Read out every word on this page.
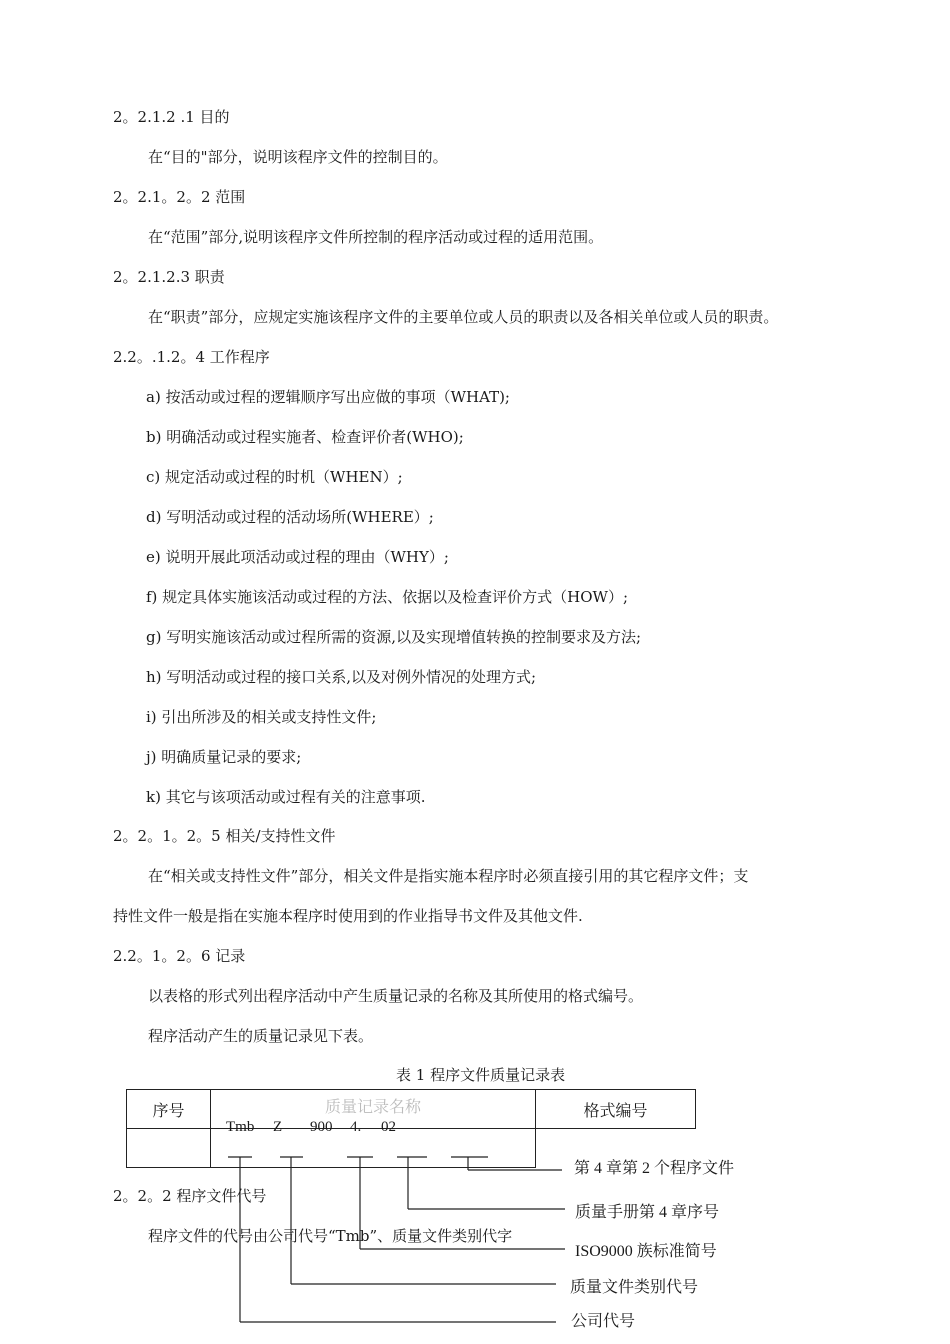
2。2.1.2 .1 目的
在“目的"部分，说明该程序文件的控制目的。
2。2.1。2。2 范围
在“范围”部分,说明该程序文件所控制的程序活动或过程的适用范围。
2。2.1.2.3 职责
在“职责”部分，应规定实施该程序文件的主要单位或人员的职责以及各相关单位或人员的职责。
2.2。.1.2。4 工作程序
a) 按活动或过程的逻辑顺序写出应做的事项（WHAT);
b) 明确活动或过程实施者、检查评价者(WHO);
c) 规定活动或过程的时机（WHEN）;
d) 写明活动或过程的活动场所(WHERE）;
e) 说明开展此项活动或过程的理由（WHY）;
f) 规定具体实施该活动或过程的方法、依据以及检查评价方式（HOW）;
g) 写明实施该活动或过程所需的资源,以及实现增值转换的控制要求及方法;
h) 写明活动或过程的接口关系,以及对例外情况的处理方式;
i) 引出所涉及的相关或支持性文件;
j) 明确质量记录的要求;
k) 其它与该项活动或过程有关的注意事项.
2。2。1。2。5 相关/支持性文件
在“相关或支持性文件”部分，相关文件是指实施本程序时必须直接引用的其它程序文件；支
持性文件一般是指在实施本程序时使用到的作业指导书文件及其他文件.
2.2。1。2。6 记录
以表格的形式列出程序活动中产生质量记录的名称及其所使用的格式编号。
程序活动产生的质量记录见下表。
表 1 程序文件质量记录表
序号	质量记录名称	格式编号

Tmb Z 900 4. 02
2。2。2 程序文件代号
程序文件的代号由公司代号“Tmb”、质量文件类别代字
第 4 章第 2 个程序文件
质量手册第 4 章序号
ISO9000 族标准简号
质量文件类别代号
公司代号
